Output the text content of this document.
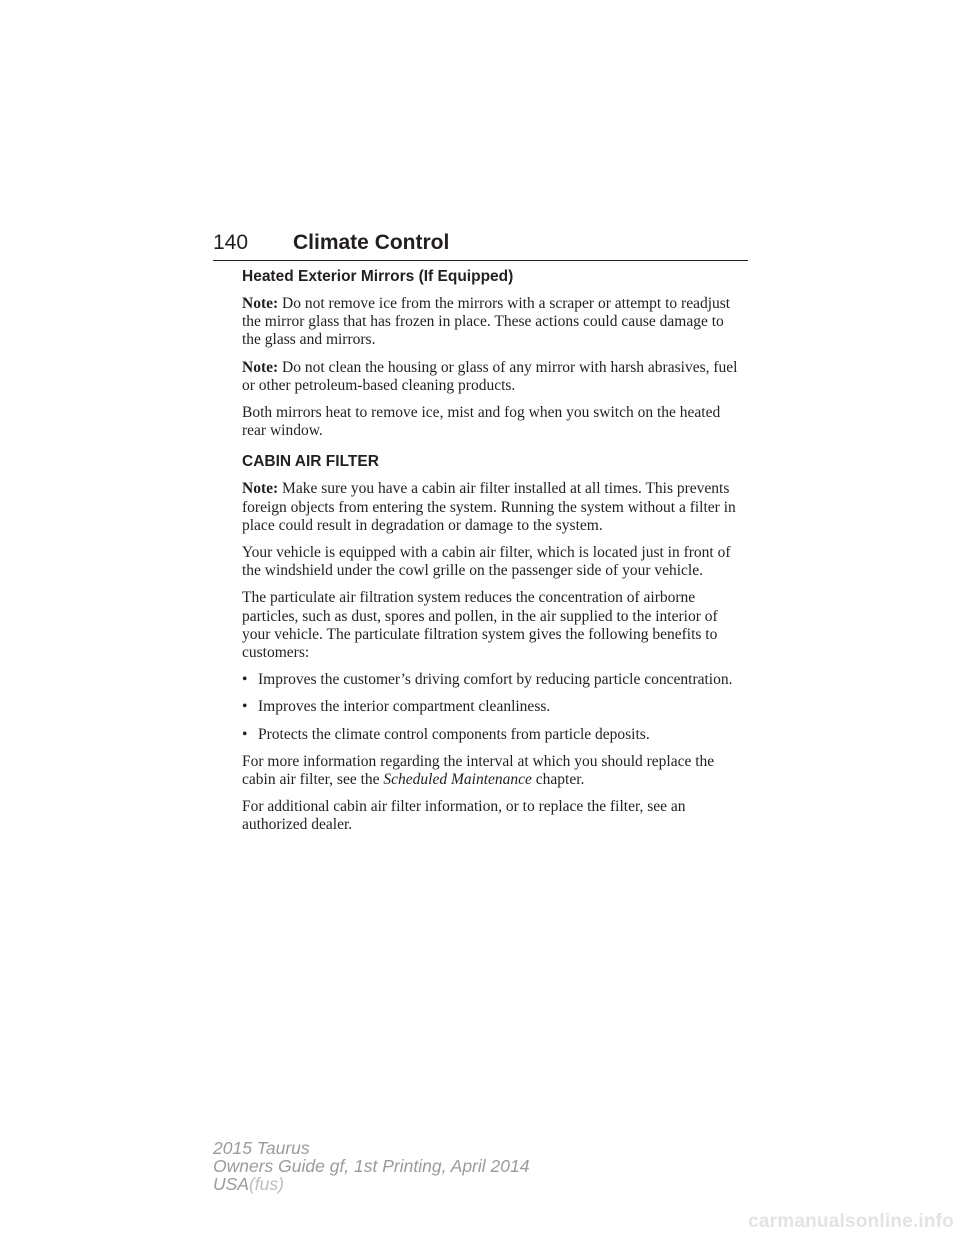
140 Climate Control
Heated Exterior Mirrors (If Equipped)

Note: Do not remove ice from the mirrors with a scraper or attempt to readjust the mirror glass that has frozen in place. These actions could cause damage to the glass and mirrors.

Note: Do not clean the housing or glass of any mirror with harsh abrasives, fuel or other petroleum-based cleaning products.

Both mirrors heat to remove ice, mist and fog when you switch on the heated rear window.

CABIN AIR FILTER

Note: Make sure you have a cabin air filter installed at all times. This prevents foreign objects from entering the system. Running the system without a filter in place could result in degradation or damage to the system.

Your vehicle is equipped with a cabin air filter, which is located just in front of the windshield under the cowl grille on the passenger side of your vehicle.

The particulate air filtration system reduces the concentration of airborne particles, such as dust, spores and pollen, in the air supplied to the interior of your vehicle. The particulate filtration system gives the following benefits to customers:

• Improves the customer’s driving comfort by reducing particle concentration.
• Improves the interior compartment cleanliness.
• Protects the climate control components from particle deposits.

For more information regarding the interval at which you should replace the cabin air filter, see the Scheduled Maintenance chapter.

For additional cabin air filter information, or to replace the filter, see an authorized dealer.

2015 Taurus
Owners Guide gf, 1st Printing, April 2014
USA(fus)
carmanualsonline.info
